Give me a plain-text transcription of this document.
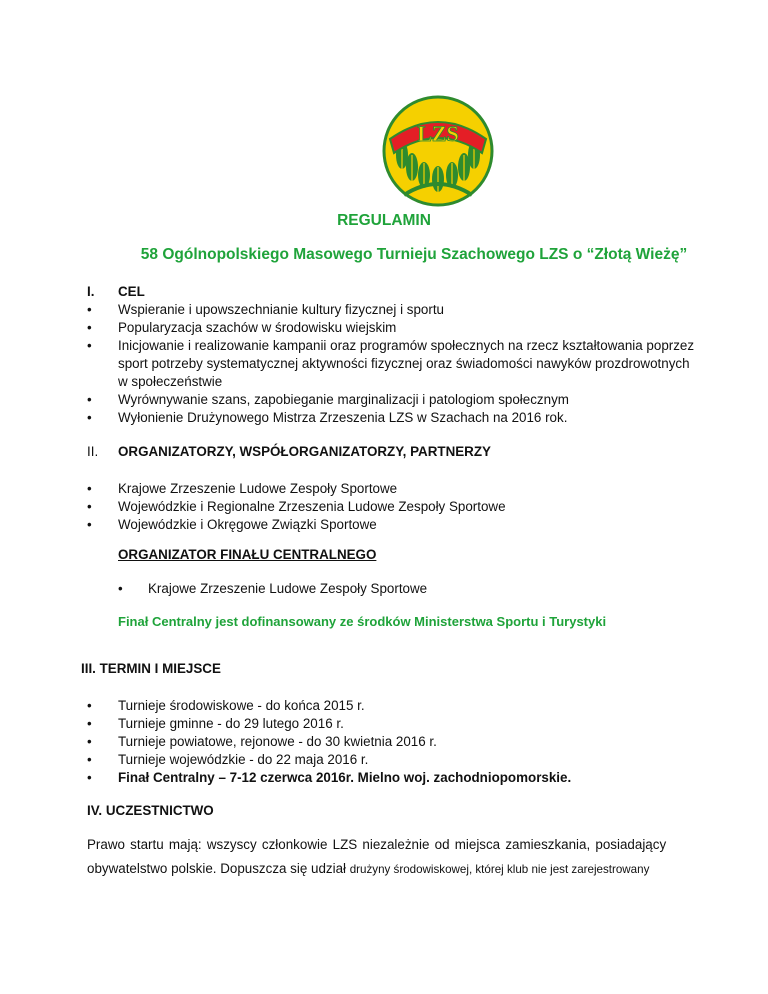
LZS
REGULAMIN
58 Ogólnopolskiego Masowego Turnieju Szachowego LZS o “Złotą Wieżę”
I. CEL
• Wspieranie i upowszechnianie kultury fizycznej i sportu
• Popularyzacja szachów w środowisku wiejskim
• Inicjowanie i realizowanie kampanii oraz programów społecznych na rzecz kształtowania poprzez
sport potrzeby systematycznej aktywności fizycznej oraz świadomości nawyków prozdrowotnych
w społeczeństwie
• Wyrównywanie szans, zapobieganie marginalizacji i patologiom społecznym
• Wyłonienie Drużynowego Mistrza Zrzeszenia LZS w Szachach na 2016 rok.
II. ORGANIZATORZY, WSPÓŁORGANIZATORZY, PARTNERZY
• Krajowe Zrzeszenie Ludowe Zespoły Sportowe
• Wojewódzkie i Regionalne Zrzeszenia Ludowe Zespoły Sportowe
• Wojewódzkie i Okręgowe Związki Sportowe
ORGANIZATOR FINAŁU CENTRALNEGO
• Krajowe Zrzeszenie Ludowe Zespoły Sportowe
Finał Centralny jest dofinansowany ze środków Ministerstwa Sportu i Turystyki
III. TERMIN I MIEJSCE
• Turnieje środowiskowe - do końca 2015 r.
• Turnieje gminne - do 29 lutego 2016 r.
• Turnieje powiatowe, rejonowe - do 30 kwietnia 2016 r.
• Turnieje wojewódzkie - do 22 maja 2016 r.
• Finał Centralny – 7-12 czerwca 2016r. Mielno woj. zachodniopomorskie.
IV. UCZESTNICTWO
Prawo startu mają: wszyscy członkowie LZS niezależnie od miejsca zamieszkania, posiadający
obywatelstwo polskie. Dopuszcza się udział drużyny środowiskowej, której klub nie jest zarejestrowany
